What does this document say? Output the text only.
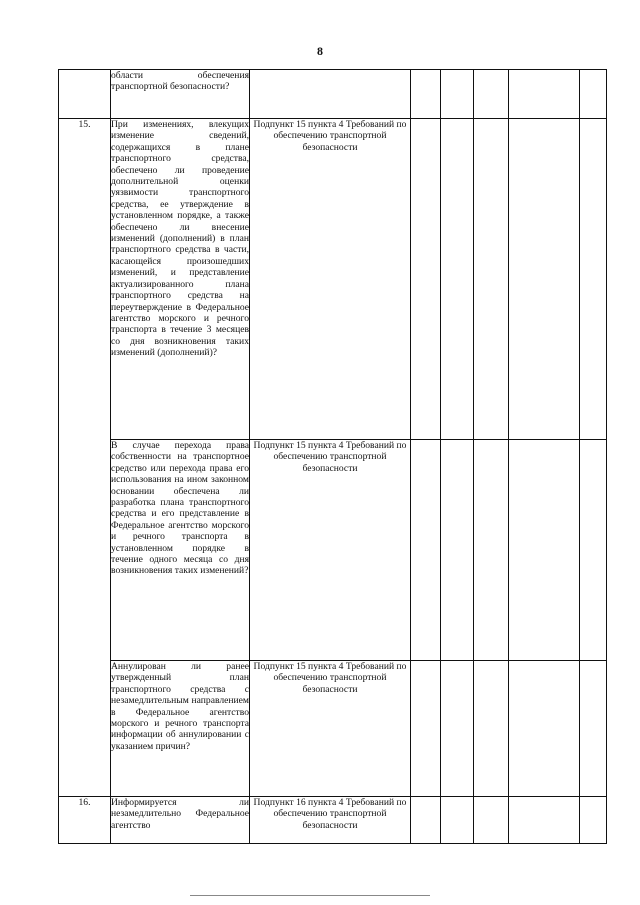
8

	области обеспечения транспортной безопасности?						

15.	При изменениях, влекущих изменение сведений, содержащихся в плане транспортного средства, обеспечено ли проведение дополнительной оценки уязвимости транспортного средства, ее утверждение в установленном порядке, а также обеспечено ли внесение изменений (дополнений) в план транспортного средства в части, касающейся произошедших изменений, и представление актуализированного плана транспортного средства на переутверждение в Федеральное агентство морского и речного транспорта в течение 3 месяцев со дня возникновения таких изменений (дополнений)?	Подпункт 15 пункта 4 Требований по обеспечению транспортной безопасности					

	В случае перехода права собственности на транспортное средство или перехода права его использования на ином законном основании обеспечена ли разработка плана транспортного средства и его представление в Федеральное агентство морского и речного транспорта в установленном порядке в течение одного месяца со дня возникновения таких изменений?	Подпункт 15 пункта 4 Требований по обеспечению транспортной безопасности					

	Аннулирован ли ранее утвержденный план транспортного средства с незамедлительным направлением в Федеральное агентство морского и речного транспорта информации об аннулировании с указанием причин?	Подпункт 15 пункта 4 Требований по обеспечению транспортной безопасности					
16.	Информируется ли незамедлительно Федеральное агентство	Подпункт 16 пункта 4 Требований по обеспечению транспортной безопасности					
